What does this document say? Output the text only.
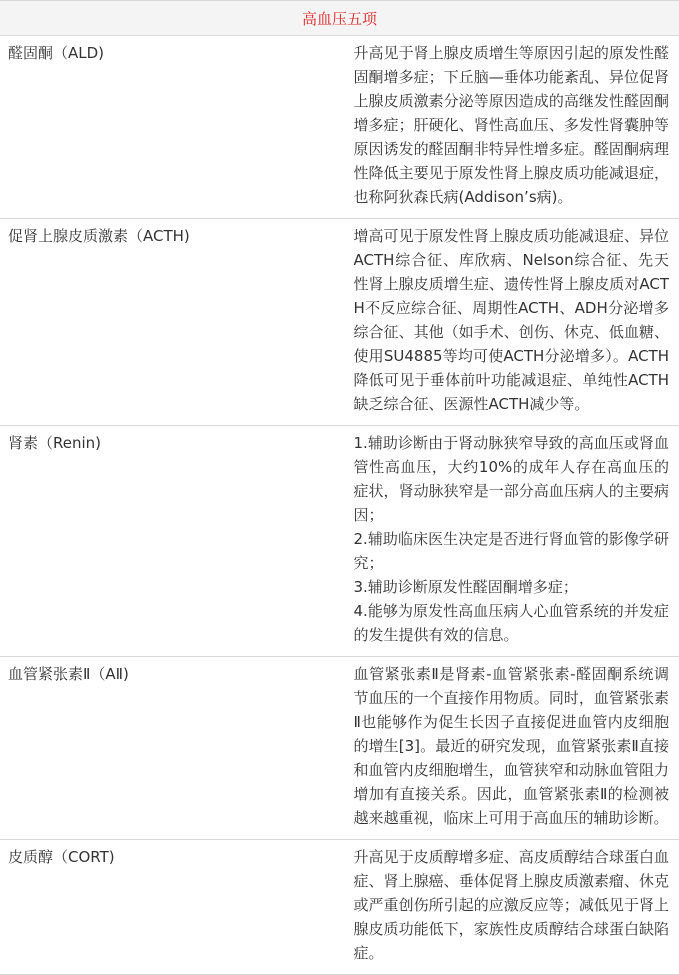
高血压五项	
醛固酮（ALD)	升高见于肾上腺皮质增生等原因引起的原发性醛固酮增多症；下丘脑—垂体功能紊乱、异位促肾上腺皮质激素分泌等原因造成的高继发性醛固酮增多症；肝硬化、肾性高血压、多发性肾囊肿等原因诱发的醛固酮非特异性增多症。醛固酮病理性降低主要见于原发性肾上腺皮质功能减退症，也称阿狄森氏病(Addison’s病)。

促肾上腺皮质激素（ACTH)	增高可见于原发性肾上腺皮质功能减退症、异位ACTH综合征、库欣病、Nelson综合征、先天性肾上腺皮质增生症、遗传性肾上腺皮质对ACTH不反应综合征、周期性ACTH、ADH分泌增多综合征、其他（如手术、创伤、休克、低血糖、使用SU4885等均可使ACTH分泌增多）。ACTH降低可见于垂体前叶功能减退症、单纯性ACTH缺乏综合征、医源性ACTH减少等。

肾素（Renin)	1.辅助诊断由于肾动脉狭窄导致的高血压或肾血管性高血压，大约10%的成年人存在高血压的症状，肾动脉狭窄是一部分高血压病人的主要病因；
2.辅助临床医生决定是否进行肾血管的影像学研究；
3.辅助诊断原发性醛固酮增多症；
4.能够为原发性高血压病人心血管系统的并发症的发生提供有效的信息。

血管紧张素Ⅱ（AⅡ)	血管紧张素Ⅱ是肾素-血管紧张素-醛固酮系统调节血压的一个直接作用物质。同时，血管紧张素Ⅱ也能够作为促生长因子直接促进血管内皮细胞的增生[3]。最近的研究发现，血管紧张素Ⅱ直接和血管内皮细胞增生，血管狭窄和动脉血管阻力增加有直接关系。因此，血管紧张素Ⅱ的检测被越来越重视，临床上可用于高血压的辅助诊断。

皮质醇（CORT)	升高见于皮质醇增多症、高皮质醇结合球蛋白血症、肾上腺癌、垂体促肾上腺皮质激素瘤、休克或严重创伤所引起的应激反应等；减低见于肾上腺皮质功能低下，家族性皮质醇结合球蛋白缺陷症。
